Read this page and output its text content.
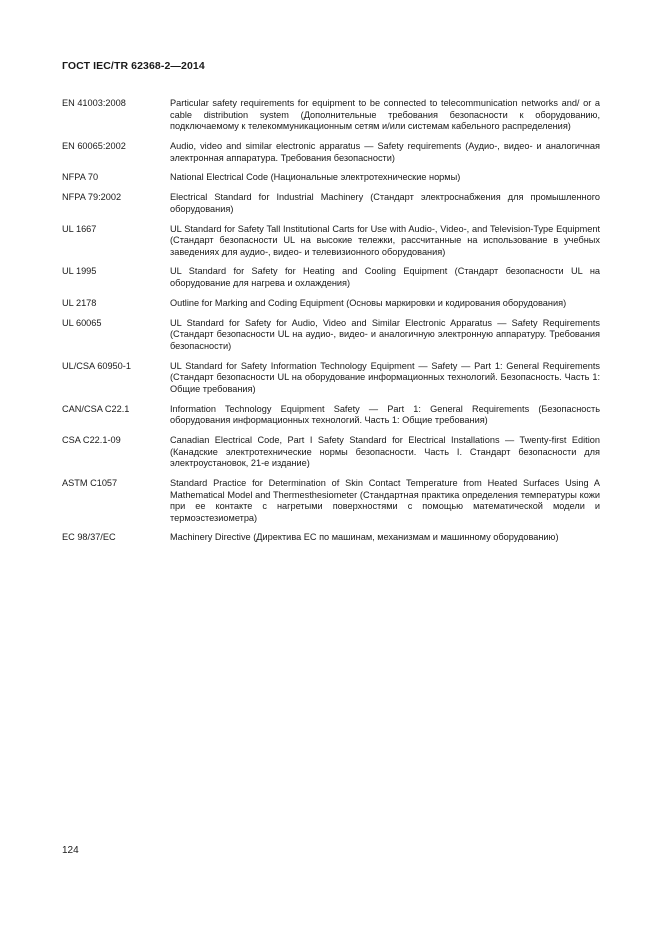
ГОСТ IEC/TR 62368-2—2014
EN 41003:2008	Particular safety requirements for equipment to be connected to telecommunication networks and/ or a cable distribution system (Дополнительные требования безопасности к оборудованию, подключаемому к телекоммуникационным сетям и/или системам кабельного распределения)
EN 60065:2002	Audio, video and similar electronic apparatus — Safety requirements (Аудио-, видео- и аналогичная электронная аппаратура. Требования безопасности)
NFPA 70	National Electrical Code (Национальные электротехнические нормы)
NFPA 79:2002	Electrical Standard for Industrial Machinery (Стандарт электроснабжения для промышленного оборудования)
UL 1667	UL Standard for Safety Tall Institutional Carts for Use with Audio-, Video-, and Television-Type Equipment (Стандарт безопасности UL на высокие тележки, рассчитанные на использование в учебных заведениях для аудио-, видео- и телевизионного оборудования)
UL 1995	UL Standard for Safety for Heating and Cooling Equipment (Стандарт безопасности UL на оборудование для нагрева и охлаждения)
UL 2178	Outline for Marking and Coding Equipment (Основы маркировки и кодирования оборудования)
UL 60065	UL Standard for Safety for Audio, Video and Similar Electronic Apparatus — Safety Requirements (Стандарт безопасности UL на аудио-, видео- и аналогичную электронную аппаратуру. Требования безопасности)
UL/CSA 60950-1	UL Standard for Safety Information Technology Equipment — Safety — Part 1: General Requirements (Стандарт безопасности UL на оборудование информационных технологий. Безопасность. Часть 1: Общие требования)
CAN/CSA C22.1	Information Technology Equipment Safety — Part 1: General Requirements (Безопасность оборудования информационных технологий. Часть 1: Общие требования)
CSA C22.1-09	Canadian Electrical Code, Part I Safety Standard for Electrical Installations — Twenty-first Edition (Канадские электротехнические нормы безопасности. Часть I. Стандарт безопасности для электроустановок, 21-е издание)
ASTM C1057	Standard Practice for Determination of Skin Contact Temperature from Heated Surfaces Using A Mathematical Model and Thermesthesiometer (Стандартная практика определения температуры кожи при ее контакте с нагретыми поверхностями с помощью математической модели и термоэстезиометра)
EC 98/37/EC	Machinery Directive (Директива ЕС по машинам, механизмам и машинному оборудованию)
124
